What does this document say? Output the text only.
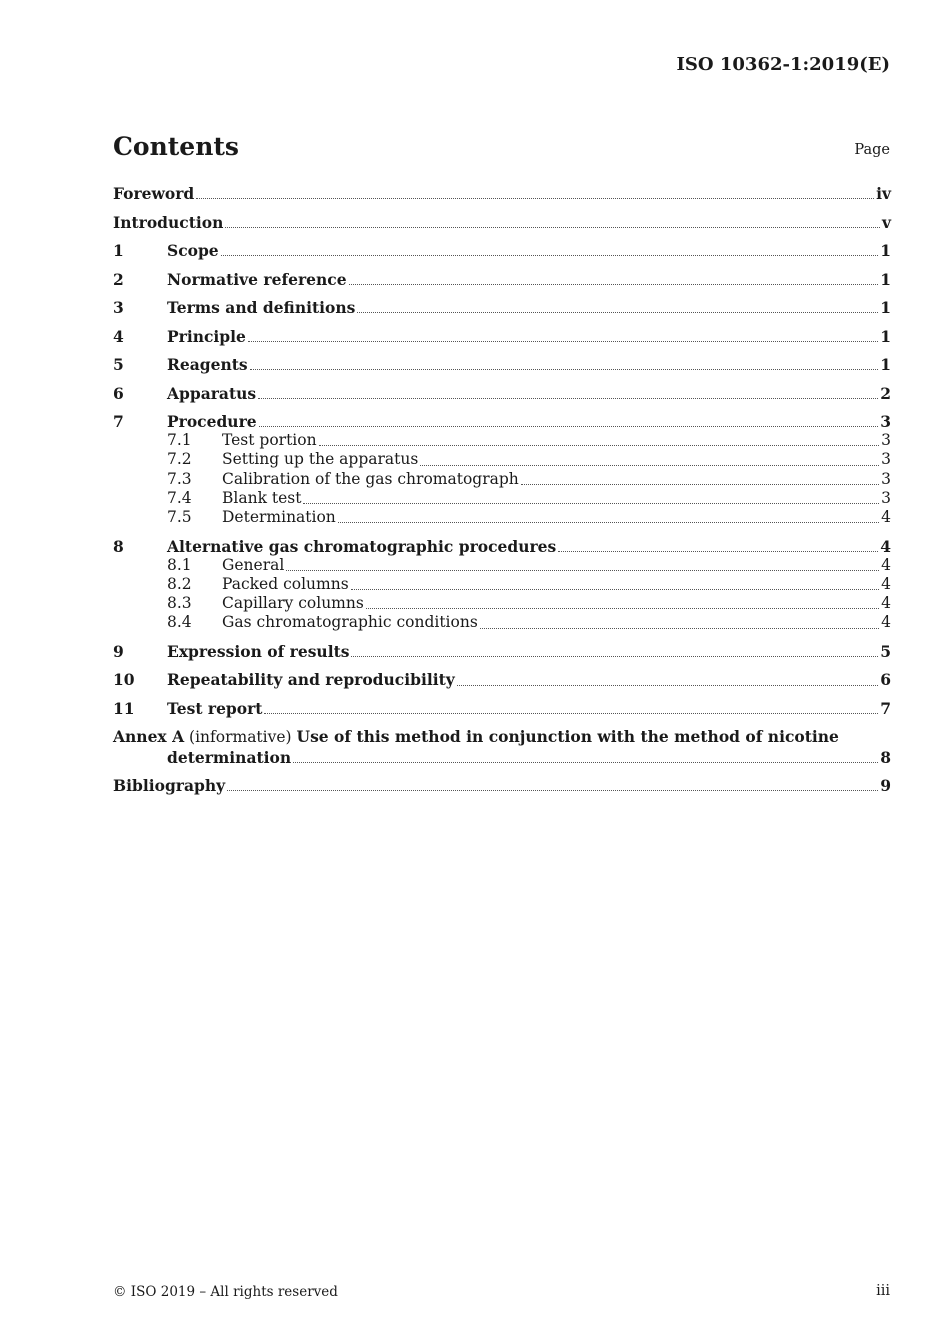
ISO 10362-1:2019(E)
Contents	Page
Foreword	iv
Introduction	v
1	Scope	1
2	Normative reference	1
3	Terms and definitions	1
4	Principle	1
5	Reagents	1
6	Apparatus	2
7	Procedure	3
7.1	Test portion	3
7.2	Setting up the apparatus	3
7.3	Calibration of the gas chromatograph	3
7.4	Blank test	3
7.5	Determination	4
8	Alternative gas chromatographic procedures	4
8.1	General	4
8.2	Packed columns	4
8.3	Capillary columns	4
8.4	Gas chromatographic conditions	4
9	Expression of results	5
10	Repeatability and reproducibility	6
11	Test report	7
Annex A (informative) Use of this method in conjunction with the method of nicotine
determination	8
Bibliography	9
© ISO 2019 – All rights reserved	iii
